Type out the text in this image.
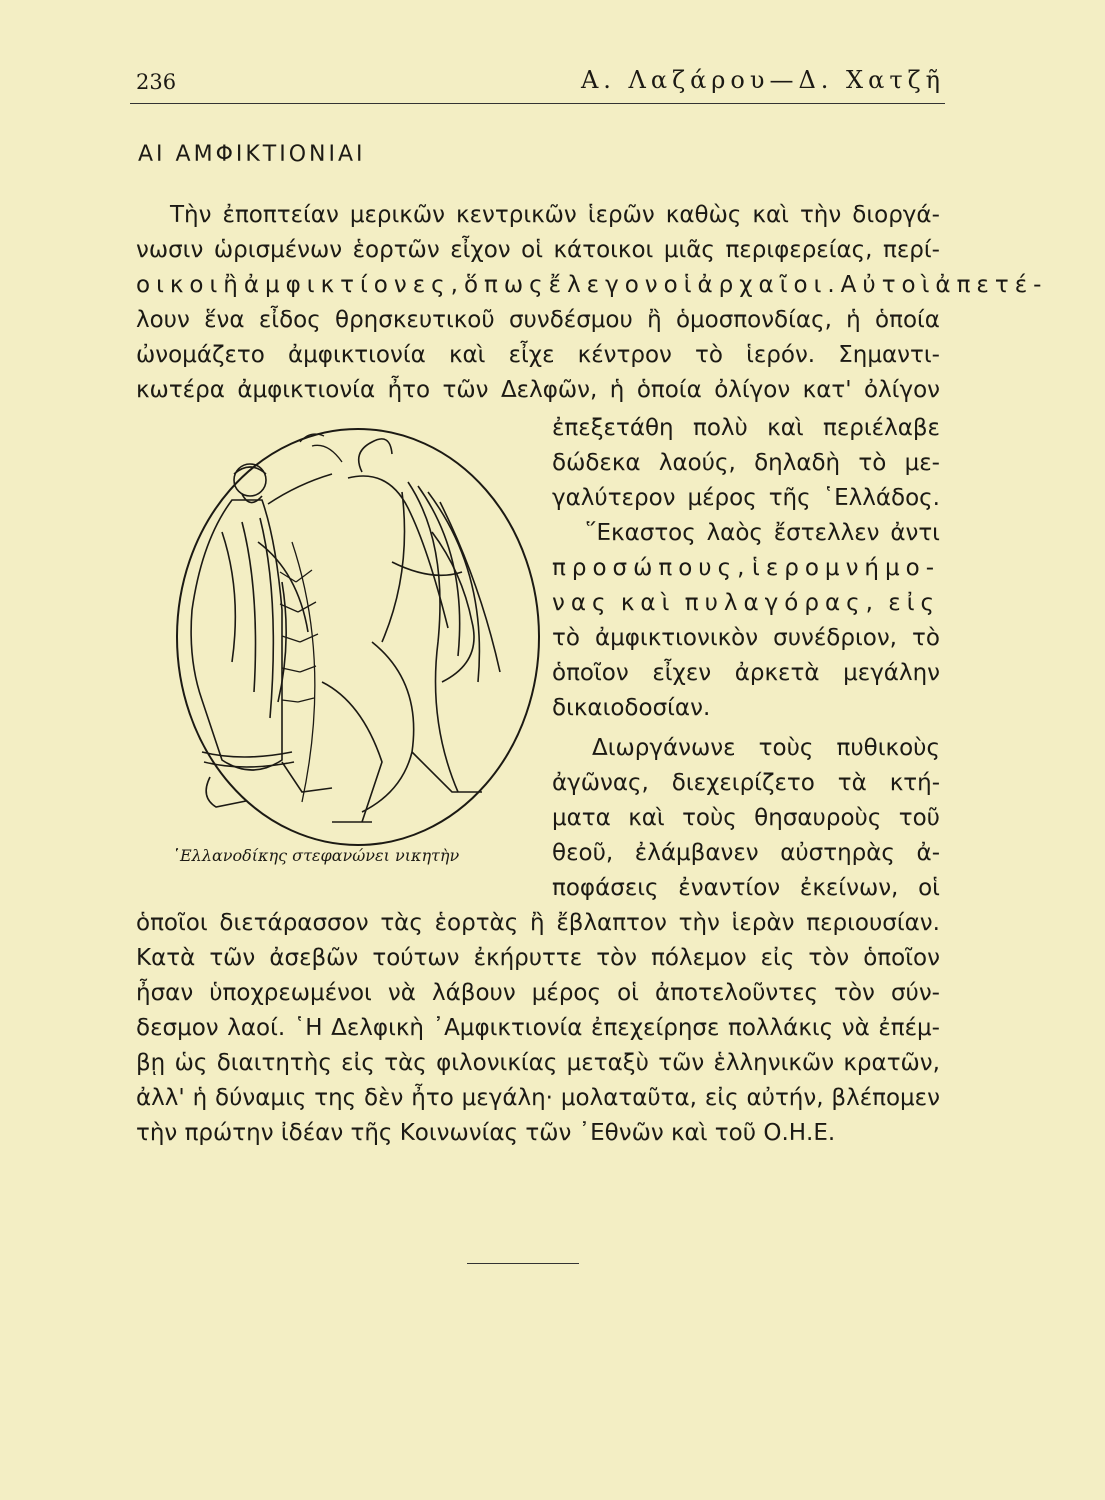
236	Α. Λαζάρου—Δ. Χατζῆ
ΑΙ ΑΜΦΙΚΤΙΟΝΙΑΙ
Τὴν ἐποπτείαν μερικῶν κεντρικῶν ἱερῶν καθὼς καὶ τὴν διοργά-
νωσιν ὡρισμένων ἑορτῶν εἶχον οἱ κάτοικοι μιᾶς περιφερείας, περί-
οικοι ἢ ἀμφικτίονες, ὅπως ἔλεγον οἱ ἀρχαῖοι. Αὐτοὶ ἀπετέ-
λουν ἕνα εἶδος θρησκευτικοῦ συνδέσμου ἢ ὁμοσπονδίας, ἡ ὁποία
ὠνομάζετο ἀμφικτιονία καὶ εἶχε κέντρον τὸ ἱερόν. Σημαντι-
κωτέρα ἀμφικτιονία ἦτο τῶν Δελφῶν, ἡ ὁποία ὀλίγον κατ' ὀλίγον
ἐπεξετάθη πολὺ καὶ περιέλαβε
δώδεκα λαούς, δηλαδὴ τὸ με-
γαλύτερον μέρος τῆς ῾Ελλάδος.
῞Εκαστος λαὸς ἔστελλεν ἀντι
προσώπους, ἱερομνήμο-
νας καὶ πυλαγόρας, εἰς
τὸ ἀμφικτιονικὸν συνέδριον, τὸ
ὁποῖον εἶχεν ἀρκετὰ μεγάλην
δικαιοδοσίαν.
Διωργάνωνε τοὺς πυθικοὺς
ἀγῶνας, διεχειρίζετο τὰ κτή-
ματα καὶ τοὺς θησαυροὺς τοῦ
θεοῦ, ἐλάμβανεν αὐστηρὰς ἀ-
ποφάσεις ἐναντίον ἐκείνων, οἱ
ὁποῖοι διετάρασσον τὰς ἑορτὰς ἢ ἔβλαπτον τὴν ἱερὰν περιουσίαν.
Κατὰ τῶν ἀσεβῶν τούτων ἐκήρυττε τὸν πόλεμον εἰς τὸν ὁποῖον
ἦσαν ὑποχρεωμένοι νὰ λάβουν μέρος οἱ ἀποτελοῦντες τὸν σύν-
δεσμον λαοί. ῾Η Δελφικὴ ᾿Αμφικτιονία ἐπεχείρησε πολλάκις νὰ ἐπέμ-
βῃ ὡς διαιτητὴς εἰς τὰς φιλονικίας μεταξὺ τῶν ἑλληνικῶν κρατῶν,
ἀλλ' ἡ δύναμις της δὲν ἦτο μεγάλη· μολαταῦτα, εἰς αὐτήν, βλέπομεν
τὴν πρώτην ἰδέαν τῆς Κοινωνίας τῶν ᾿Εθνῶν καὶ τοῦ Ο.Η.Ε.
῾Ελλανοδίκης στεφανώνει νικητὴν
